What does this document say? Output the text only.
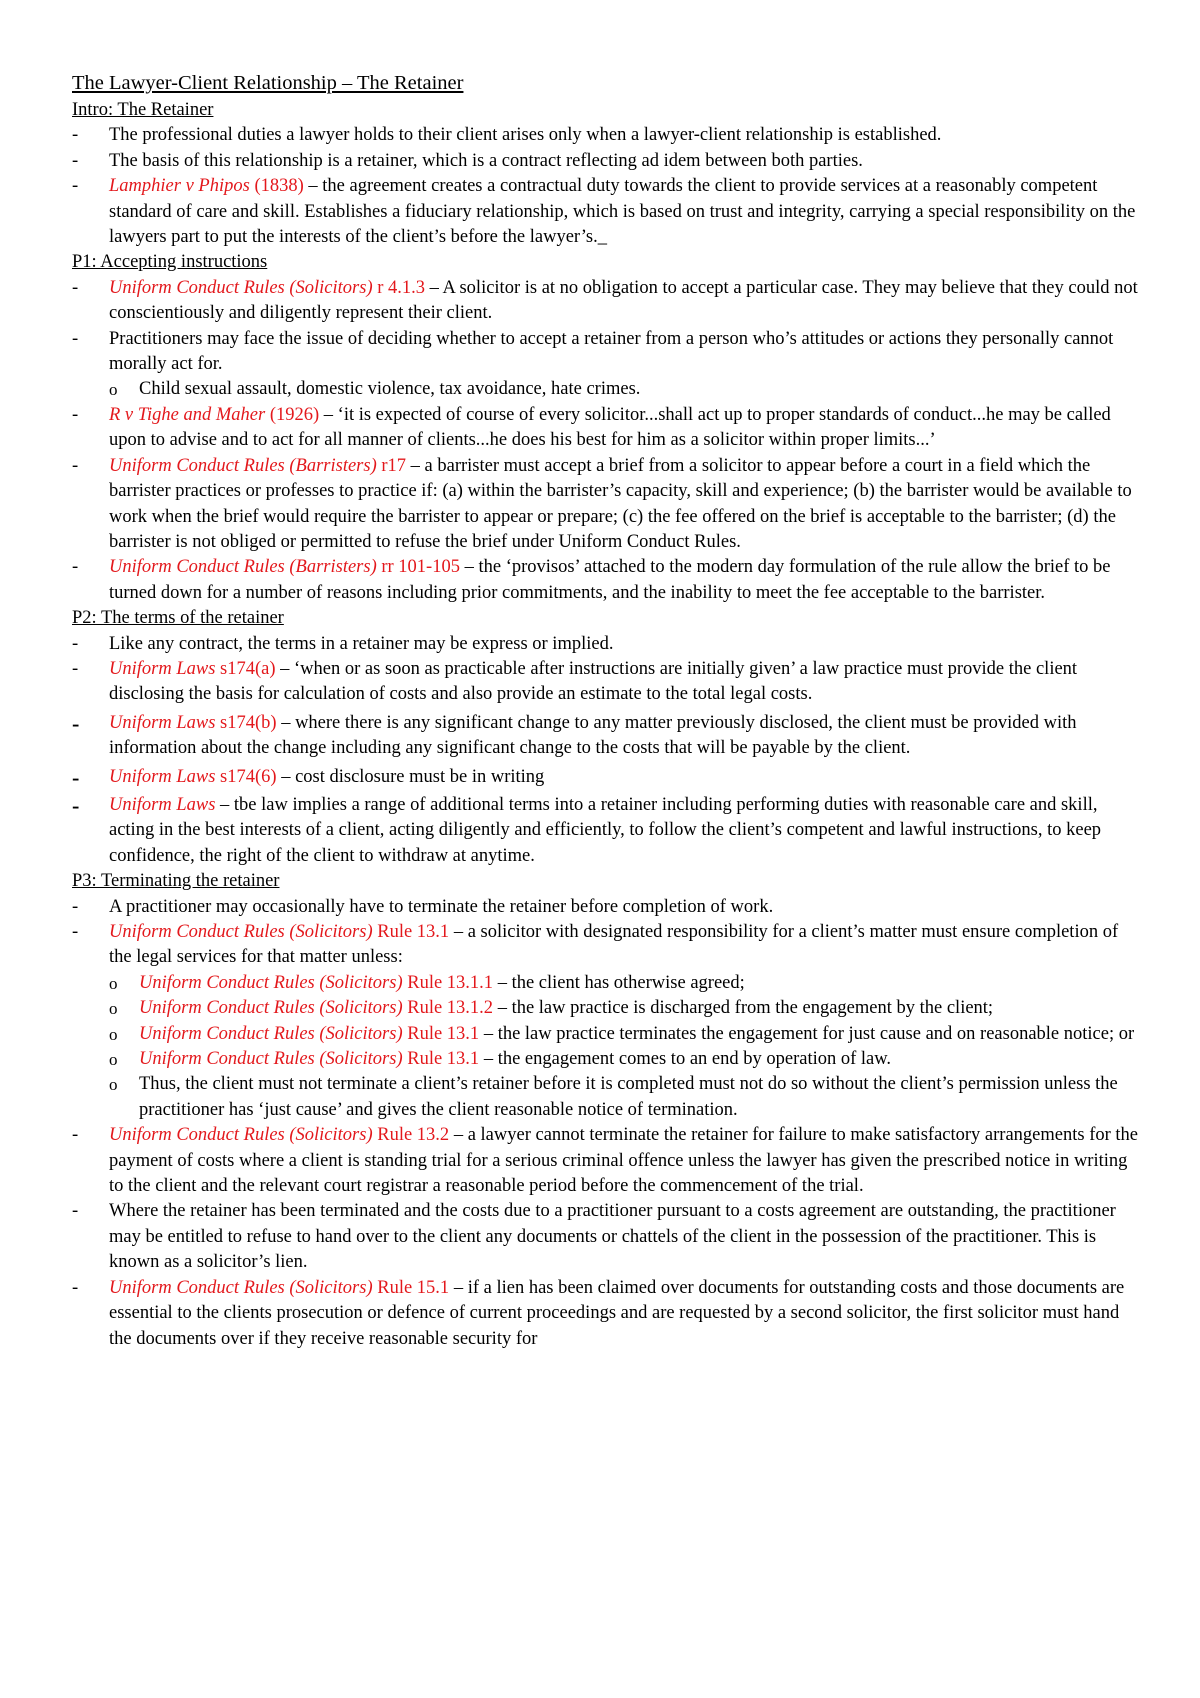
The Lawyer-Client Relationship – The Retainer
Intro: The Retainer
- The professional duties a lawyer holds to their client arises only when a lawyer-client relationship is established.
- The basis of this relationship is a retainer, which is a contract reflecting ad idem between both parties.
- Lamphier v Phipos (1838) – the agreement creates a contractual duty towards the client to provide services at a reasonably competent standard of care and skill. Establishes a fiduciary relationship, which is based on trust and integrity, carrying a special responsibility on the lawyers part to put the interests of the client’s before the lawyer’s._
P1: Accepting instructions
- Uniform Conduct Rules (Solicitors) r 4.1.3 – A solicitor is at no obligation to accept a particular case. They may believe that they could not conscientiously and diligently represent their client.
- Practitioners may face the issue of deciding whether to accept a retainer from a person who’s attitudes or actions they personally cannot morally act for.
o Child sexual assault, domestic violence, tax avoidance, hate crimes.
- R v Tighe and Maher (1926) – ‘it is expected of course of every solicitor...shall act up to proper standards of conduct...he may be called upon to advise and to act for all manner of clients...he does his best for him as a solicitor within proper limits...’
- Uniform Conduct Rules (Barristers) r17 – a barrister must accept a brief from a solicitor to appear before a court in a field which the barrister practices or professes to practice if: (a) within the barrister’s capacity, skill and experience; (b) the barrister would be available to work when the brief would require the barrister to appear or prepare; (c) the fee offered on the brief is acceptable to the barrister; (d) the barrister is not obliged or permitted to refuse the brief under Uniform Conduct Rules.
- Uniform Conduct Rules (Barristers) rr 101-105 – the ‘provisos’ attached to the modern day formulation of the rule allow the brief to be turned down for a number of reasons including prior commitments, and the inability to meet the fee acceptable to the barrister.
P2: The terms of the retainer
- Like any contract, the terms in a retainer may be express or implied.
- Uniform Laws s174(a) – ‘when or as soon as practicable after instructions are initially given’ a law practice must provide the client disclosing the basis for calculation of costs and also provide an estimate to the total legal costs.
- Uniform Laws s174(b) – where there is any significant change to any matter previously disclosed, the client must be provided with information about the change including any significant change to the costs that will be payable by the client.
- Uniform Laws s174(6) – cost disclosure must be in writing
- Uniform Laws – tbe law implies a range of additional terms into a retainer including performing duties with reasonable care and skill, acting in the best interests of a client, acting diligently and efficiently, to follow the client’s competent and lawful instructions, to keep confidence, the right of the client to withdraw at anytime.
P3: Terminating the retainer
- A practitioner may occasionally have to terminate the retainer before completion of work.
- Uniform Conduct Rules (Solicitors) Rule 13.1 – a solicitor with designated responsibility for a client’s matter must ensure completion of the legal services for that matter unless:
o Uniform Conduct Rules (Solicitors) Rule 13.1.1 – the client has otherwise agreed;
o Uniform Conduct Rules (Solicitors) Rule 13.1.2 – the law practice is discharged from the engagement by the client;
o Uniform Conduct Rules (Solicitors) Rule 13.1 – the law practice terminates the engagement for just cause and on reasonable notice; or
o Uniform Conduct Rules (Solicitors) Rule 13.1 – the engagement comes to an end by operation of law.
o Thus, the client must not terminate a client’s retainer before it is completed must not do so without the client’s permission unless the practitioner has ‘just cause’ and gives the client reasonable notice of termination.
- Uniform Conduct Rules (Solicitors) Rule 13.2 – a lawyer cannot terminate the retainer for failure to make satisfactory arrangements for the payment of costs where a client is standing trial for a serious criminal offence unless the lawyer has given the prescribed notice in writing to the client and the relevant court registrar a reasonable period before the commencement of the trial.
- Where the retainer has been terminated and the costs due to a practitioner pursuant to a costs agreement are outstanding, the practitioner may be entitled to refuse to hand over to the client any documents or chattels of the client in the possession of the practitioner. This is known as a solicitor’s lien.
- Uniform Conduct Rules (Solicitors) Rule 15.1 – if a lien has been claimed over documents for outstanding costs and those documents are essential to the clients prosecution or defence of current proceedings and are requested by a second solicitor, the first solicitor must hand the documents over if they receive reasonable security for
